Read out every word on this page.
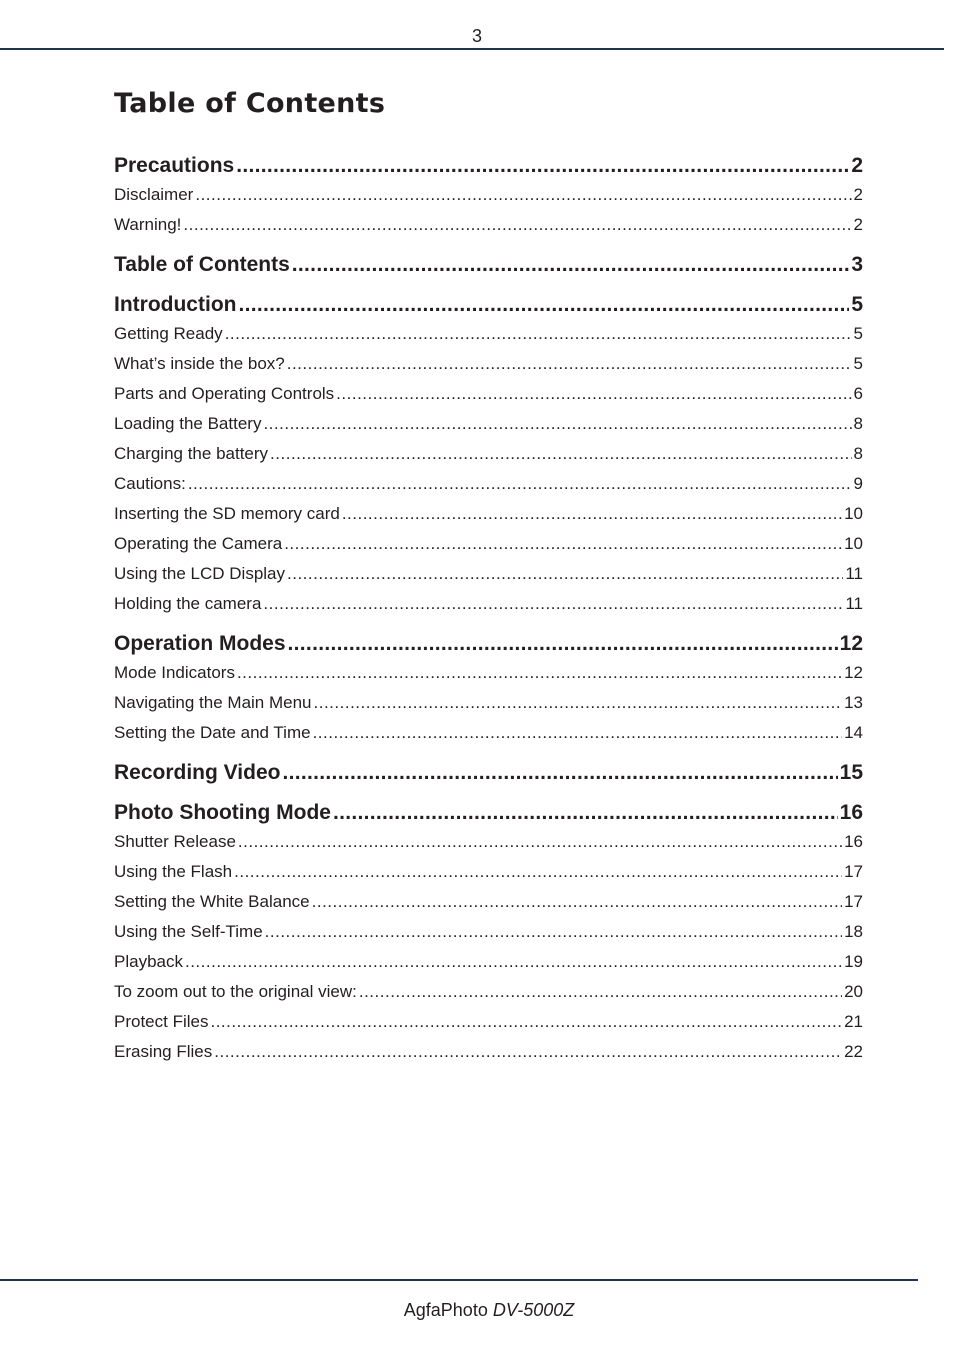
3
Table of Contents
Precautions .....	2
Disclaimer .....	2
Warning! .....	2
Table of Contents .....	3
Introduction .....	5
Getting Ready .....	5
What’s inside the box? .....	5
Parts and Operating Controls .....	6
Loading the Battery .....	8
Charging the battery .....	8
Cautions: .....	9
Inserting the SD memory card .....	10
Operating the Camera .....	10
Using the LCD Display .....	11
Holding the camera .....	11
Operation Modes .....	12
Mode Indicators .....	12
Navigating the Main Menu .....	13
Setting the Date and Time .....	14
Recording Video .....	15
Photo Shooting Mode .....	16
Shutter Release .....	16
Using the Flash .....	17
Setting the White Balance .....	17
Using the Self-Time .....	18
Playback .....	19
To zoom out to the original view: .....	20
Protect Files .....	21
Erasing Flies .....	22
AgfaPhoto DV-5000Z
